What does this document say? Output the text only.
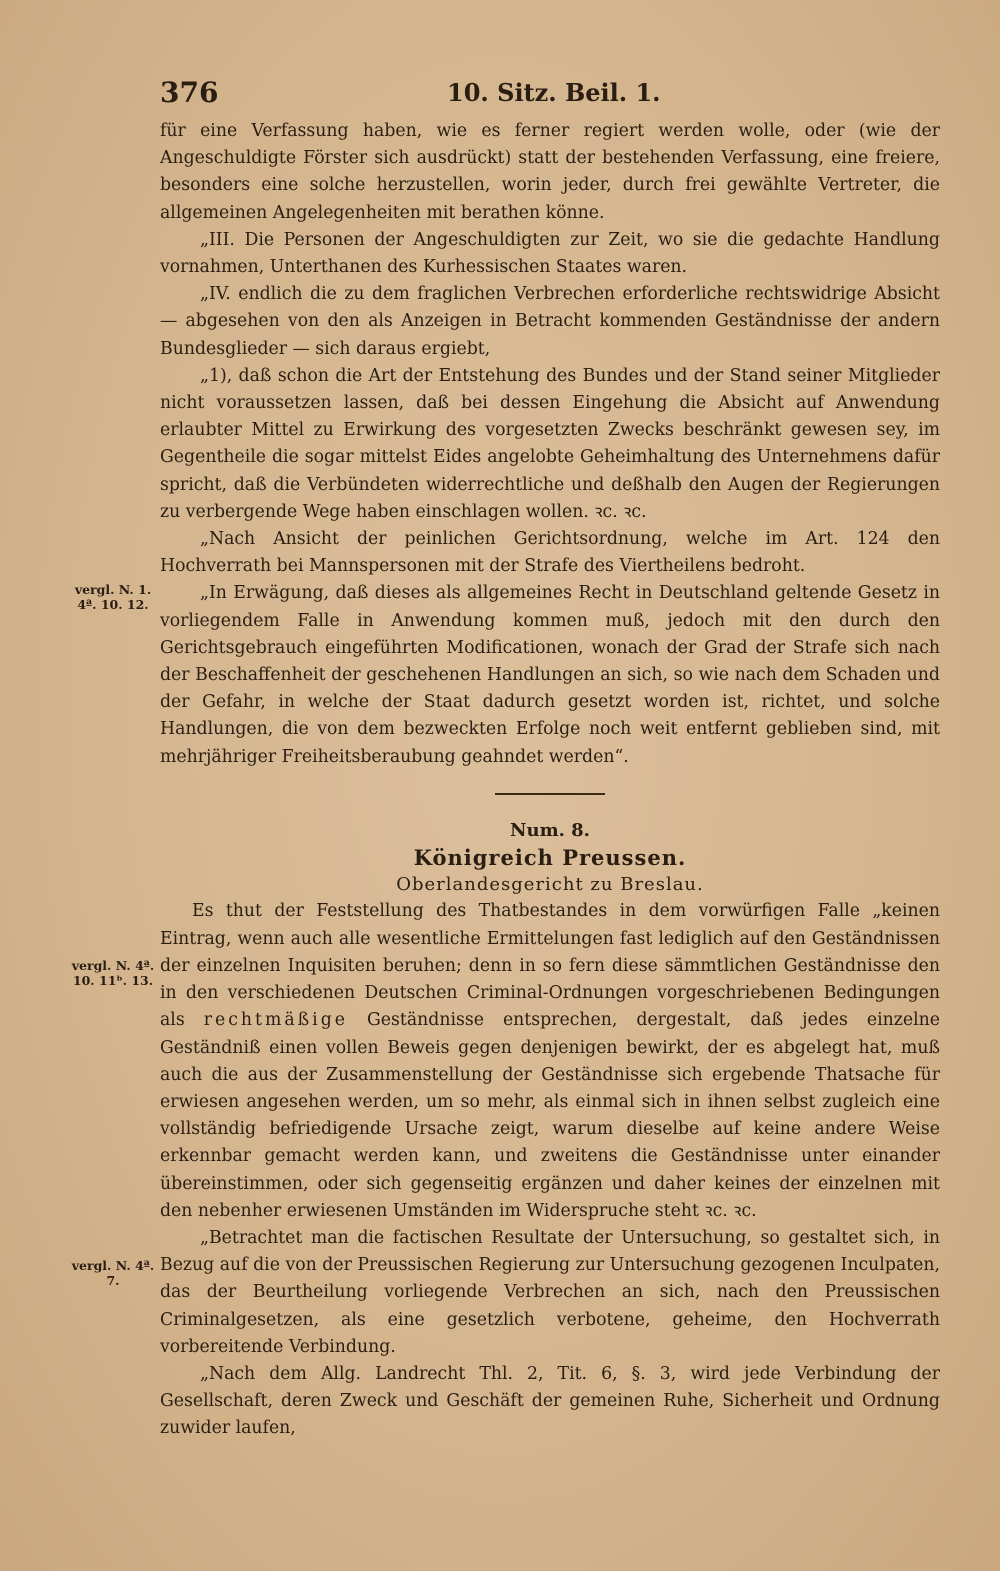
376	10. Sitz. Beil. 1.
vergl. N. 1. 4ª. 10. 12.
vergl. N. 4ª. 10. 11ᵇ. 13.
vergl. N. 4ª. 7.

für eine Verfassung haben, wie es ferner regiert werden wolle, oder (wie der Angeschuldigte Förster sich ausdrückt) statt der bestehenden Verfassung, eine freiere, besonders eine solche herzustellen, worin jeder, durch frei gewählte Vertreter, die allgemeinen Angelegenheiten mit berathen könne.

„III. Die Personen der Angeschuldigten zur Zeit, wo sie die gedachte Handlung vornahmen, Unterthanen des Kurhessischen Staates waren.

„IV. endlich die zu dem fraglichen Verbrechen erforderliche rechtswidrige Absicht — abgesehen von den als Anzeigen in Betracht kommenden Geständnisse der andern Bundesglieder — sich daraus ergiebt,

„1), daß schon die Art der Entstehung des Bundes und der Stand seiner Mitglieder nicht voraussetzen lassen, daß bei dessen Eingehung die Absicht auf Anwendung erlaubter Mittel zu Erwirkung des vorgesetzten Zwecks beschränkt gewesen sey, im Gegentheile die sogar mittelst Eides angelobte Geheimhaltung des Unternehmens dafür spricht, daß die Verbündeten widerrechtliche und deßhalb den Augen der Regierungen zu verbergende Wege haben einschlagen wollen. ꝛc. ꝛc.

„Nach Ansicht der peinlichen Gerichtsordnung, welche im Art. 124 den Hochverrath bei Mannspersonen mit der Strafe des Viertheilens bedroht.

„In Erwägung, daß dieses als allgemeines Recht in Deutschland geltende Gesetz in vorliegendem Falle in Anwendung kommen muß, jedoch mit den durch den Gerichtsgebrauch eingeführten Modificationen, wonach der Grad der Strafe sich nach der Beschaffenheit der geschehenen Handlungen an sich, so wie nach dem Schaden und der Gefahr, in welche der Staat dadurch gesetzt worden ist, richtet, und solche Handlungen, die von dem bezweckten Erfolge noch weit entfernt geblieben sind, mit mehrjähriger Freiheitsberaubung geahndet werden“.

Num. 8.

Königreich Preussen.

Oberlandesgericht zu Breslau.

Es thut der Feststellung des Thatbestandes in dem vorwürfigen Falle „keinen Eintrag, wenn auch alle wesentliche Ermittelungen fast lediglich auf den Geständnissen der einzelnen Inquisiten beruhen; denn in so fern diese sämmtlichen Geständnisse den in den verschiedenen Deutschen Criminal-Ordnungen vorgeschriebenen Bedingungen als rechtmäßige Geständnisse entsprechen, dergestalt, daß jedes einzelne Geständniß einen vollen Beweis gegen denjenigen bewirkt, der es abgelegt hat, muß auch die aus der Zusammenstellung der Geständnisse sich ergebende Thatsache für erwiesen angesehen werden, um so mehr, als einmal sich in ihnen selbst zugleich eine vollständig befriedigende Ursache zeigt, warum dieselbe auf keine andere Weise erkennbar gemacht werden kann, und zweitens die Geständnisse unter einander übereinstimmen, oder sich gegenseitig ergänzen und daher keines der einzelnen mit den nebenher erwiesenen Umständen im Widerspruche steht ꝛc. ꝛc.

„Betrachtet man die factischen Resultate der Untersuchung, so gestaltet sich, in Bezug auf die von der Preussischen Regierung zur Untersuchung gezogenen Inculpaten, das der Beurtheilung vorliegende Verbrechen an sich, nach den Preussischen Criminalgesetzen, als eine gesetzlich verbotene, geheime, den Hochverrath vorbereitende Verbindung.

„Nach dem Allg. Landrecht Thl. 2, Tit. 6, §. 3, wird jede Verbindung der Gesellschaft, deren Zweck und Geschäft der gemeinen Ruhe, Sicherheit und Ordnung zuwider laufen,
